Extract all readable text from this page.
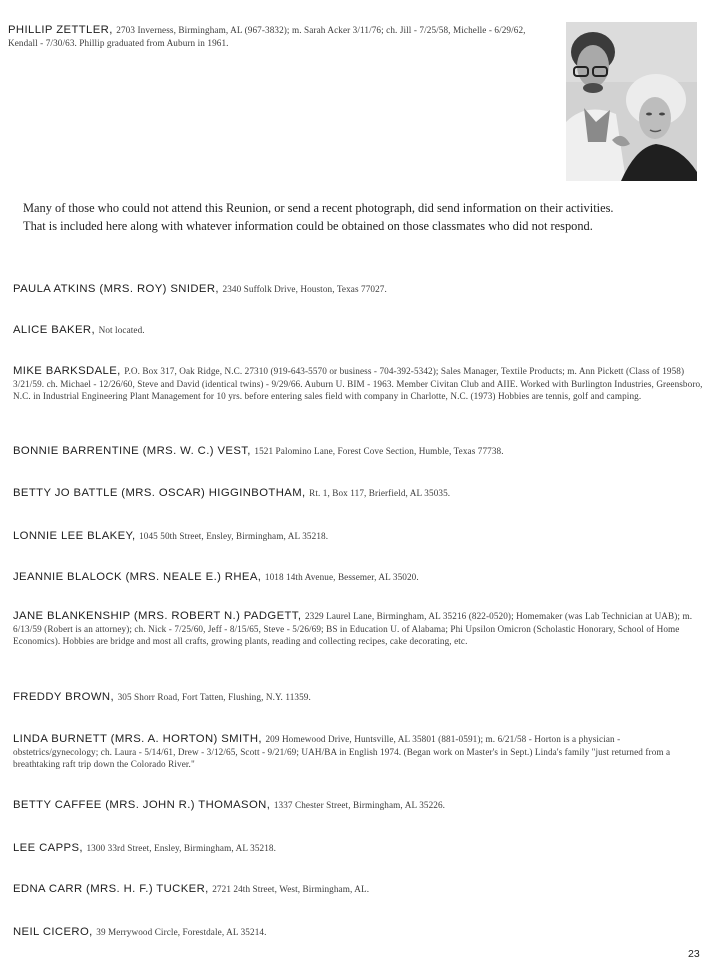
PHILLIP ZETTLER, 2703 Inverness, Birmingham, AL (967-3832); m. Sarah Acker 3/11/76; ch. Jill - 7/25/58, Michelle - 6/29/62, Kendall - 7/30/63. Phillip graduated from Auburn in 1961.

Many of those who could not attend this Reunion, or send a recent photograph, did send information on their activities. That is included here along with whatever information could be obtained on those classmates who did not respond.

PAULA ATKINS (MRS. ROY) SNIDER, 2340 Suffolk Drive, Houston, Texas 77027.

ALICE BAKER, Not located.

MIKE BARKSDALE, P.O. Box 317, Oak Ridge, N.C. 27310 (919-643-5570 or business - 704-392-5342); Sales Manager, Textile Products; m. Ann Pickett (Class of 1958) 3/21/59. ch. Michael - 12/26/60, Steve and David (identical twins) - 9/29/66. Auburn U. BIM - 1963. Member Civitan Club and AIIE. Worked with Burlington Industries, Greensboro, N.C. in Industrial Engineering Plant Management for 10 yrs. before entering sales field with company in Charlotte, N.C. (1973) Hobbies are tennis, golf and camping.

BONNIE BARRENTINE (MRS. W. C.) VEST, 1521 Palomino Lane, Forest Cove Section, Humble, Texas 77738.

BETTY JO BATTLE (MRS. OSCAR) HIGGINBOTHAM, Rt. 1, Box 117, Brierfield, AL 35035.

LONNIE LEE BLAKEY, 1045 50th Street, Ensley, Birmingham, AL 35218.

JEANNIE BLALOCK (MRS. NEALE E.) RHEA, 1018 14th Avenue, Bessemer, AL 35020.

JANE BLANKENSHIP (MRS. ROBERT N.) PADGETT, 2329 Laurel Lane, Birmingham, AL 35216 (822-0520); Homemaker (was Lab Technician at UAB); m. 6/13/59 (Robert is an attorney); ch. Nick - 7/25/60, Jeff - 8/15/65, Steve - 5/26/69; BS in Education U. of Alabama; Phi Upsilon Omicron (Scholastic Honorary, School of Home Economics). Hobbies are bridge and most all crafts, growing plants, reading and collecting recipes, cake decorating, etc.

FREDDY BROWN, 305 Shorr Road, Fort Tatten, Flushing, N.Y. 11359.

LINDA BURNETT (MRS. A. HORTON) SMITH, 209 Homewood Drive, Huntsville, AL 35801 (881-0591); m. 6/21/58 - Horton is a physician - obstetrics/gynecology; ch. Laura - 5/14/61, Drew - 3/12/65, Scott - 9/21/69; UAH/BA in English 1974. (Began work on Master's in Sept.) Linda's family "just returned from a breathtaking raft trip down the Colorado River."

BETTY CAFFEE (MRS. JOHN R.) THOMASON, 1337 Chester Street, Birmingham, AL 35226.

LEE CAPPS, 1300 33rd Street, Ensley, Birmingham, AL 35218.

EDNA CARR (MRS. H. F.) TUCKER, 2721 24th Street, West, Birmingham, AL.

NEIL CICERO, 39 Merrywood Circle, Forestdale, AL 35214.

23
